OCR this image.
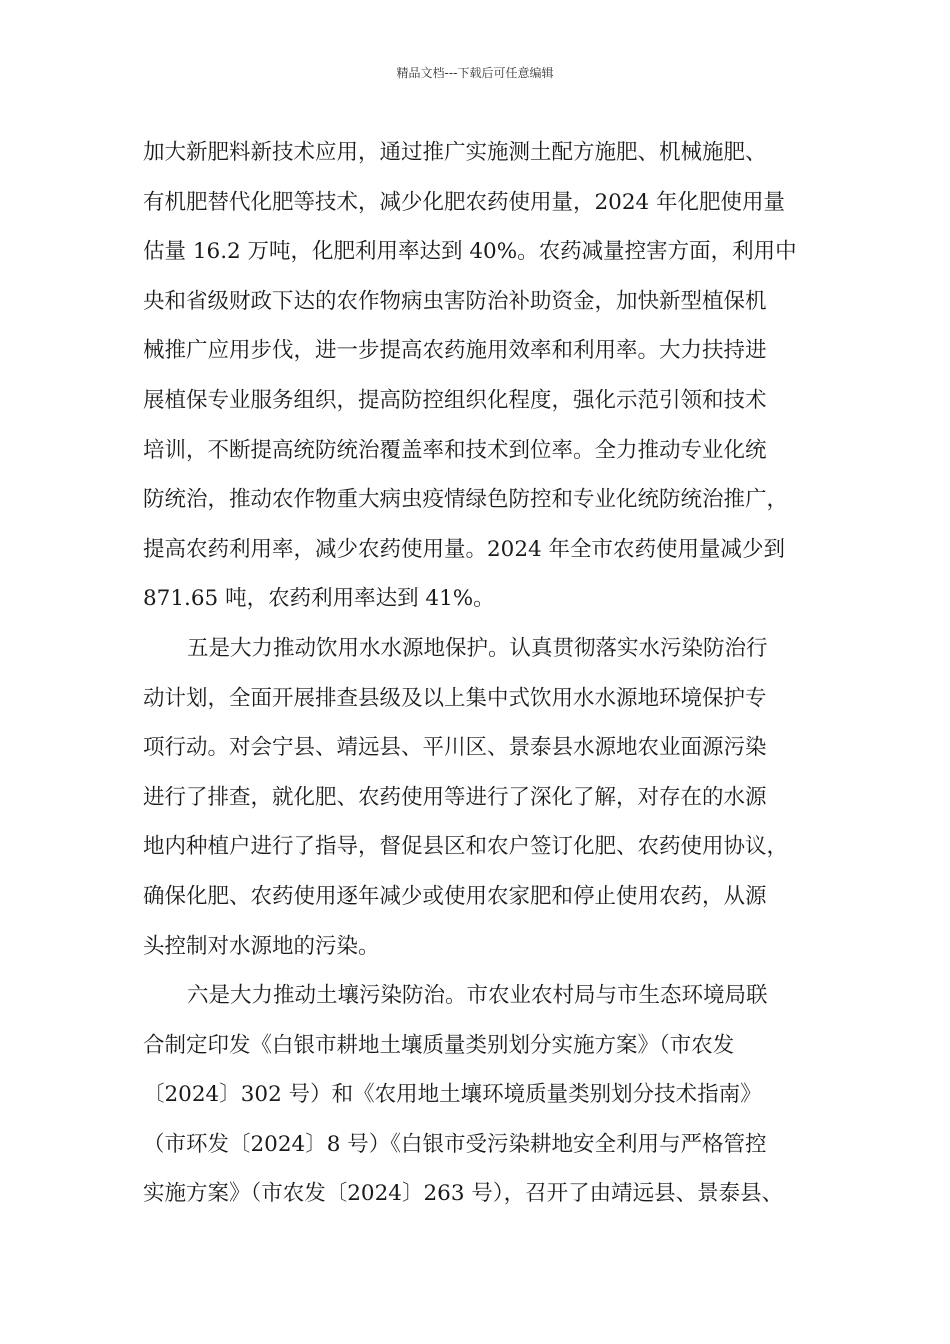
精品文档---下载后可任意编辑
加大新肥料新技术应用，通过推广实施测土配方施肥、机械施肥、
有机肥替代化肥等技术，减少化肥农药使用量，2024 年化肥使用量
估量 16.2 万吨，化肥利用率达到 40%。农药减量控害方面，利用中
央和省级财政下达的农作物病虫害防治补助资金，加快新型植保机
械推广应用步伐，进一步提高农药施用效率和利用率。大力扶持进
展植保专业服务组织，提高防控组织化程度，强化示范引领和技术
培训，不断提高统防统治覆盖率和技术到位率。全力推动专业化统
防统治，推动农作物重大病虫疫情绿色防控和专业化统防统治推广，
提高农药利用率，减少农药使用量。2024 年全市农药使用量减少到
871.65 吨，农药利用率达到 41%。
五是大力推动饮用水水源地保护。认真贯彻落实水污染防治行
动计划，全面开展排查县级及以上集中式饮用水水源地环境保护专
项行动。对会宁县、靖远县、平川区、景泰县水源地农业面源污染
进行了排查，就化肥、农药使用等进行了深化了解，对存在的水源
地内种植户进行了指导，督促县区和农户签订化肥、农药使用协议，
确保化肥、农药使用逐年减少或使用农家肥和停止使用农药，从源
头控制对水源地的污染。
六是大力推动土壤污染防治。市农业农村局与市生态环境局联
合制定印发《白银市耕地土壤质量类别划分实施方案》（市农发
〔2024〕302 号）和《农用地土壤环境质量类别划分技术指南》
（市环发〔2024〕8 号）《白银市受污染耕地安全利用与严格管控
实施方案》（市农发〔2024〕263 号），召开了由靖远县、景泰县、
